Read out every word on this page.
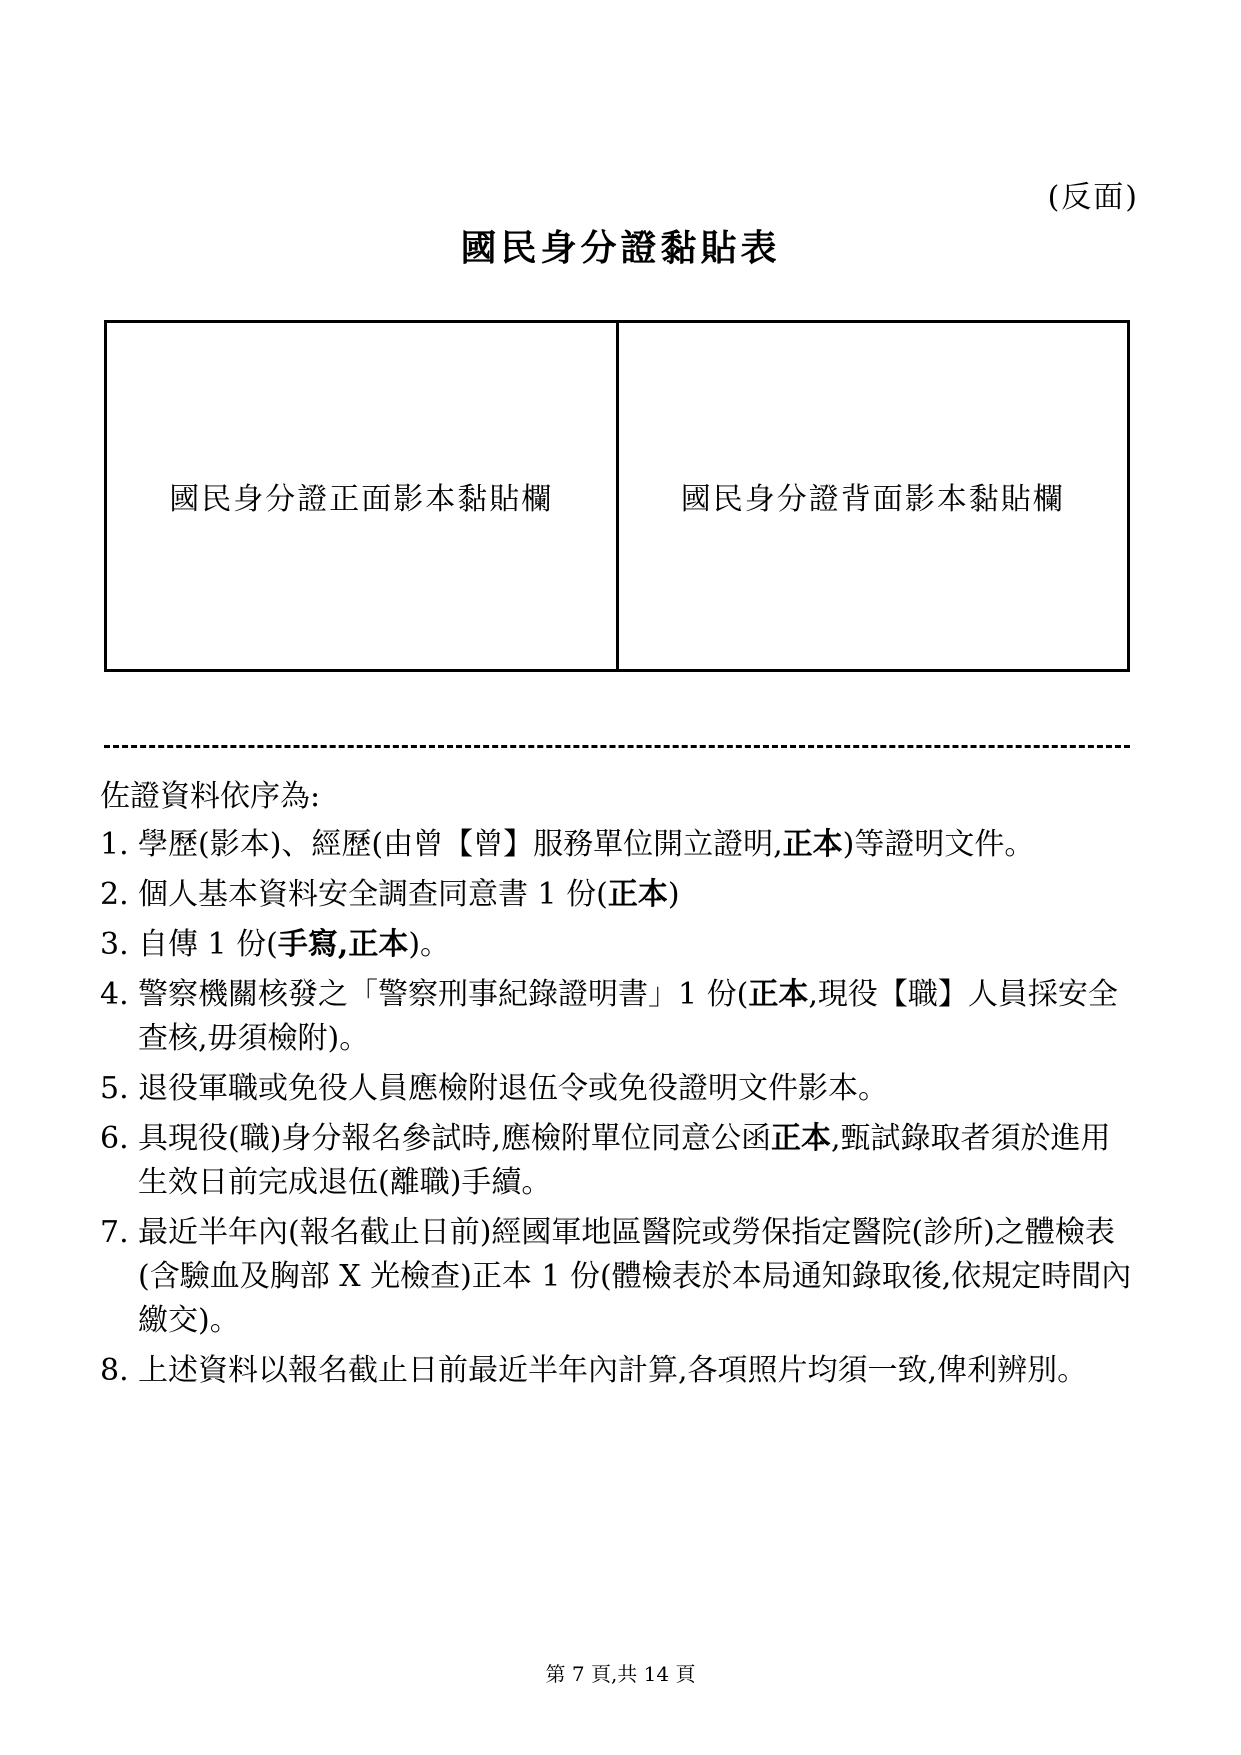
(反面)
國民身分證黏貼表
國民身分證正面影本黏貼欄	國民身分證背面影本黏貼欄
佐證資料依序為:
1. 學歷(影本)、經歷(由曾【曾】服務單位開立證明,正本)等證明文件。
2. 個人基本資料安全調查同意書 1 份(正本)
3. 自傳 1 份(手寫,正本)。
4. 警察機關核發之「警察刑事紀錄證明書」1 份(正本,現役【職】人員採安全查核,毋須檢附)。
5. 退役軍職或免役人員應檢附退伍令或免役證明文件影本。
6. 具現役(職)身分報名參試時,應檢附單位同意公函正本,甄試錄取者須於進用生效日前完成退伍(離職)手續。
7. 最近半年內(報名截止日前)經國軍地區醫院或勞保指定醫院(診所)之體檢表(含驗血及胸部 X 光檢查)正本 1 份(體檢表於本局通知錄取後,依規定時間內繳交)。
8. 上述資料以報名截止日前最近半年內計算,各項照片均須一致,俾利辨別。
第 7 頁,共 14 頁
